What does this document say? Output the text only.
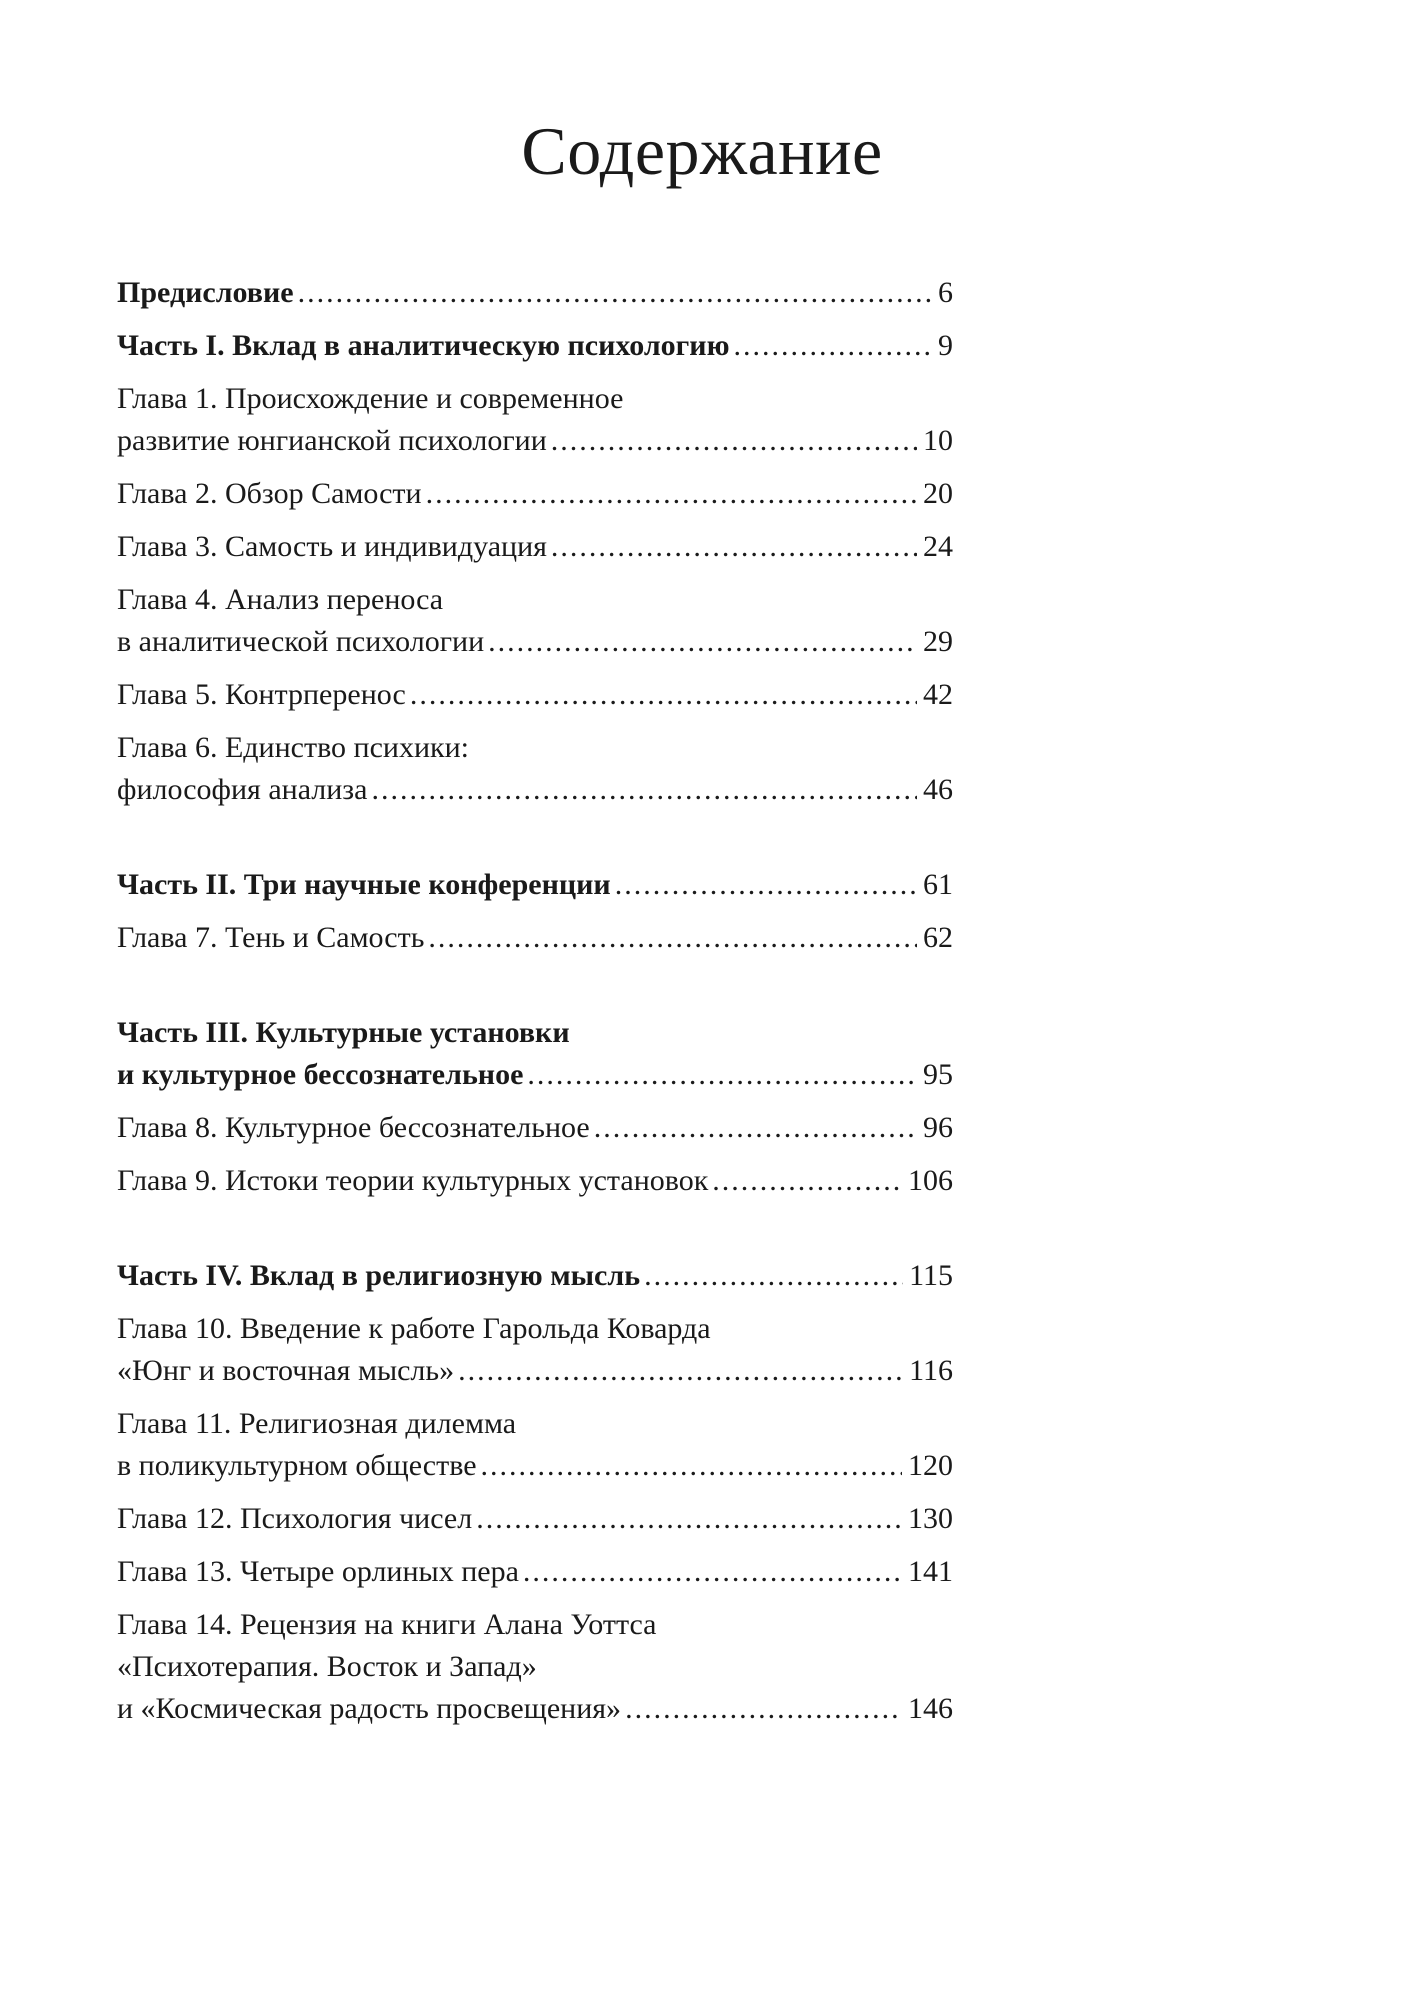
Содержание
Предисловие .....	6
Часть I. Вклад в аналитическую психологию .....	9
Глава 1. Происхождение и современное
развитие юнгианской психологии .....	10
Глава 2. Обзор Самости .....	20
Глава 3. Самость и индивидуация .....	24
Глава 4. Анализ переноса
в аналитической психологии .....	29
Глава 5. Контрперенос .....	42
Глава 6. Единство психики:
философия анализа .....	46
Часть II. Три научные конференции .....	61
Глава 7. Тень и Самость .....	62
Часть III. Культурные установки
и культурное бессознательное .....	95
Глава 8. Культурное бессознательное .....	96
Глава 9. Истоки теории культурных установок .....	106
Часть IV. Вклад в религиозную мысль .....	115
Глава 10. Введение к работе Гарольда Коварда
«Юнг и восточная мысль» .....	116
Глава 11. Религиозная дилемма
в поликультурном обществе .....	120
Глава 12. Психология чисел .....	130
Глава 13. Четыре орлиных пера .....	141
Глава 14. Рецензия на книги Алана Уоттса
«Психотерапия. Восток и Запад»
и «Космическая радость просвещения» .....	146
